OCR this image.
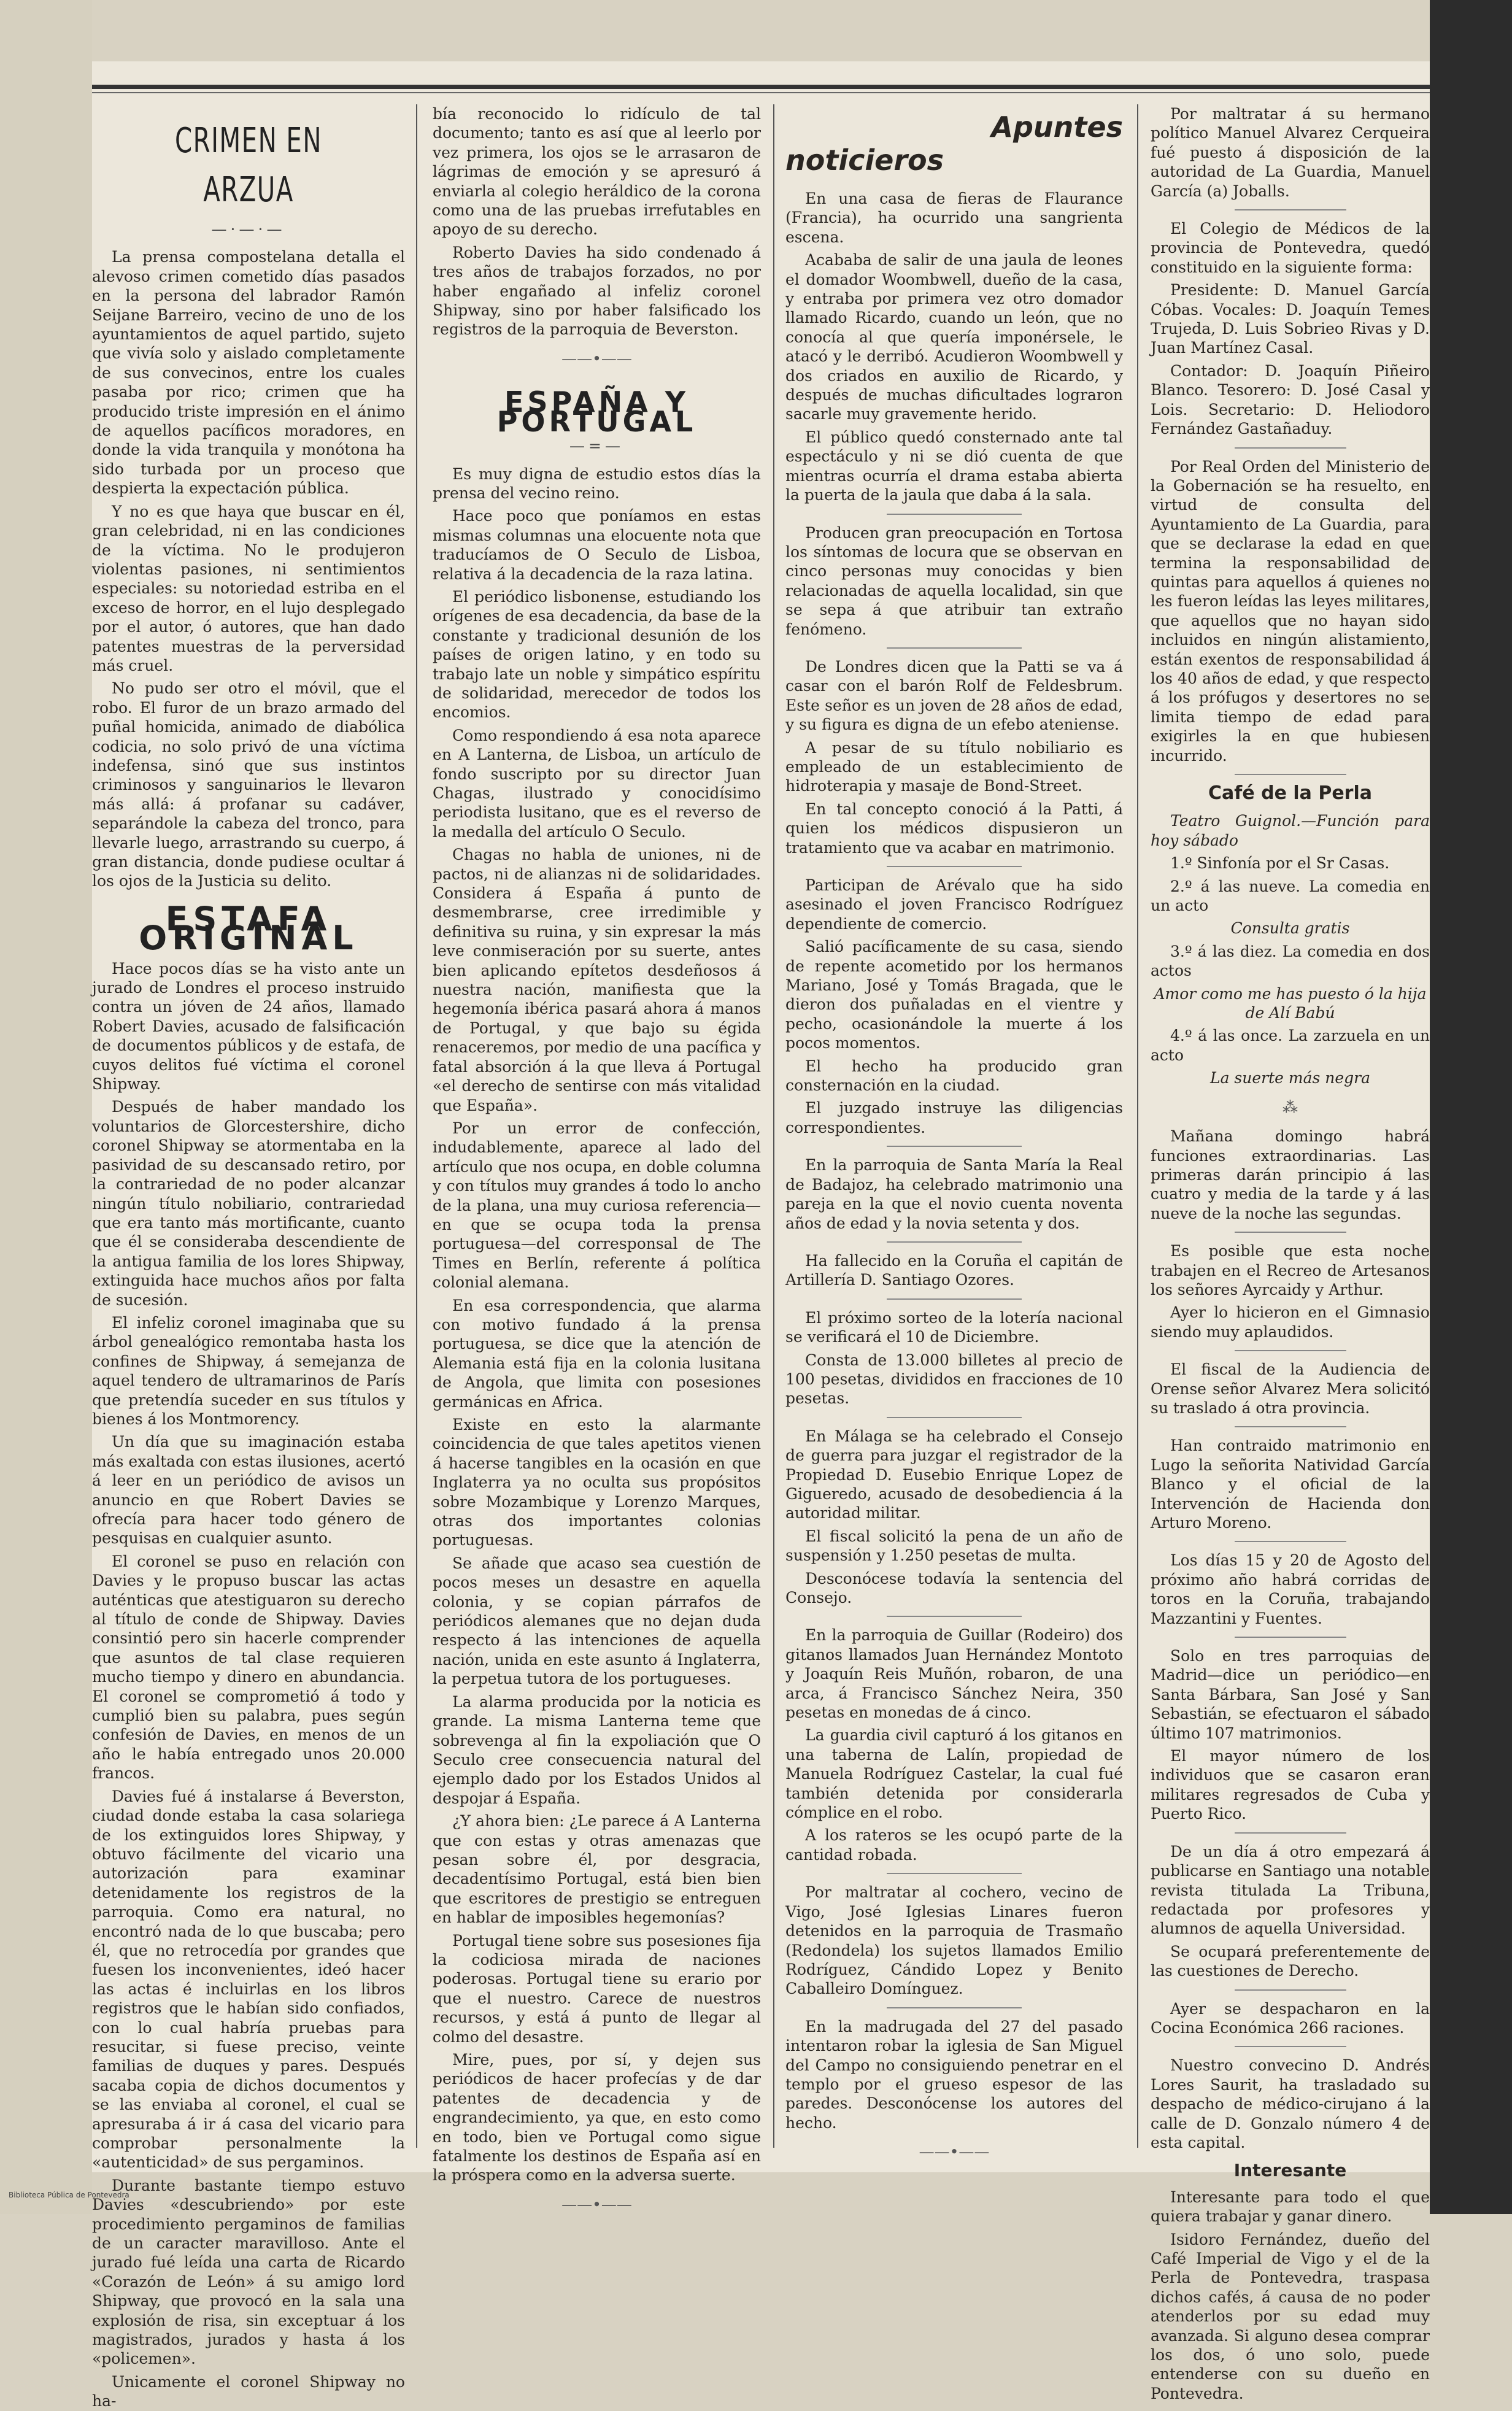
CRIMEN EN ARZUA
—·—·—

La prensa compostelana detalla el alevoso crimen cometido días pasados en la persona del labrador Ramón Seijane Barreiro, vecino de uno de los ayuntamientos de aquel partido, sujeto que vivía solo y aislado completamente de sus convecinos, entre los cuales pasaba por rico; crimen que ha producido triste impresión en el ánimo de aquellos pacíficos moradores, en donde la vida tranquila y monótona ha sido turbada por un proceso que despierta la expectación pública.

Y no es que haya que buscar en él, gran celebridad, ni en las condiciones de la víctima. No le produjeron violentas pasiones, ni sentimientos especiales: su notoriedad estriba en el exceso de horror, en el lujo desplegado por el autor, ó autores, que han dado patentes muestras de la perversidad más cruel.

No pudo ser otro el móvil, que el robo. El furor de un brazo armado del puñal homicida, animado de diabólica codicia, no solo privó de una víctima indefensa, sinó que sus instintos criminosos y sanguinarios le llevaron más allá: á profanar su cadáver, separándole la cabeza del tronco, para llevarle luego, arrastrando su cuerpo, á gran distancia, donde pudiese ocultar á los ojos de la Justicia su delito.

ESTAFA ORIGINAL

Hace pocos días se ha visto ante un jurado de Londres el proceso instruido contra un jóven de 24 años, llamado Robert Davies, acusado de falsificación de documentos públicos y de estafa, de cuyos delitos fué víctima el coronel Shipway.

Después de haber mandado los voluntarios de Glorcestershire, dicho coronel Shipway se atormentaba en la pasividad de su descansado retiro, por la contrariedad de no poder alcanzar ningún título nobiliario, contrariedad que era tanto más mortificante, cuanto que él se consideraba descendiente de la antigua familia de los lores Shipway, extinguida hace muchos años por falta de sucesión.

El infeliz coronel imaginaba que su árbol genealógico remontaba hasta los confines de Shipway, á semejanza de aquel tendero de ultramarinos de París que pretendía suceder en sus títulos y bienes á los Montmorency.

Un día que su imaginación estaba más exaltada con estas ilusiones, acertó á leer en un periódico de avisos un anuncio en que Robert Davies se ofrecía para hacer todo género de pesquisas en cualquier asunto.

El coronel se puso en relación con Davies y le propuso buscar las actas auténticas que atestiguaron su derecho al título de conde de Shipway. Davies consintió pero sin hacerle comprender que asuntos de tal clase requieren mucho tiempo y dinero en abundancia. El coronel se comprometió á todo y cumplió bien su palabra, pues según confesión de Davies, en menos de un año le había entregado unos 20.000 francos.

Davies fué á instalarse á Beverston, ciudad donde estaba la casa solariega de los extinguidos lores Shipway, y obtuvo fácilmente del vicario una autorización para examinar detenidamente los registros de la parroquia. Como era natural, no encontró nada de lo que buscaba; pero él, que no retrocedía por grandes que fuesen los inconvenientes, ideó hacer las actas é incluirlas en los libros registros que le habían sido confiados, con lo cual habría pruebas para resucitar, si fuese preciso, veinte familias de duques y pares. Después sacaba copia de dichos documentos y se las enviaba al coronel, el cual se apresuraba á ir á casa del vicario para comprobar personalmente la «autenticidad» de sus pergaminos.

Durante bastante tiempo estuvo Davies «descubriendo» por este procedimiento pergaminos de familias de un caracter maravilloso. Ante el jurado fué leída una carta de Ricardo «Corazón de León» á su amigo lord Shipway, que provocó en la sala una explosión de risa, sin exceptuar á los magistrados, jurados y hasta á los «policemen».

Unicamente el coronel Shipway no ha-

bía reconocido lo ridículo de tal documento; tanto es así que al leerlo por vez primera, los ojos se le arrasaron de lágrimas de emoción y se apresuró á enviarla al colegio heráldico de la corona como una de las pruebas irrefutables en apoyo de su derecho.

Roberto Davies ha sido condenado á tres años de trabajos forzados, no por haber engañado al infeliz coronel Shipway, sino por haber falsificado los registros de la parroquia de Beverston.

——•——
ESPAÑA Y PORTUGAL
—=—

Es muy digna de estudio estos días la prensa del vecino reino.

Hace poco que poníamos en estas mismas columnas una elocuente nota que traducíamos de O Seculo de Lisboa, relativa á la decadencia de la raza latina.

El periódico lisbonense, estudiando los orígenes de esa decadencia, da base de la constante y tradicional desunión de los países de origen latino, y en todo su trabajo late un noble y simpático espíritu de solidaridad, merecedor de todos los encomios.

Como respondiendo á esa nota aparece en A Lanterna, de Lisboa, un artículo de fondo suscripto por su director Juan Chagas, ilustrado y conocidísimo periodista lusitano, que es el reverso de la medalla del artículo O Seculo.

Chagas no habla de uniones, ni de pactos, ni de alianzas ni de solidaridades. Considera á España á punto de desmembrarse, cree irredimible y definitiva su ruina, y sin expresar la más leve conmiseración por su suerte, antes bien aplicando epítetos desdeñosos á nuestra nación, manifiesta que la hegemonía ibérica pasará ahora á manos de Portugal, y que bajo su égida renaceremos, por medio de una pacífica y fatal absorción á la que lleva á Portugal «el derecho de sentirse con más vitalidad que España».

Por un error de confección, indudablemente, aparece al lado del artículo que nos ocupa, en doble columna y con títulos muy grandes á todo lo ancho de la plana, una muy curiosa referencia—en que se ocupa toda la prensa portuguesa—del corresponsal de The Times en Berlín, referente á política colonial alemana.

En esa correspondencia, que alarma con motivo fundado á la prensa portuguesa, se dice que la atención de Alemania está fija en la colonia lusitana de Angola, que limita con posesiones germánicas en Africa.

Existe en esto la alarmante coincidencia de que tales apetitos vienen á hacerse tangibles en la ocasión en que Inglaterra ya no oculta sus propósitos sobre Mozambique y Lorenzo Marques, otras dos importantes colonias portuguesas.

Se añade que acaso sea cuestión de pocos meses un desastre en aquella colonia, y se copian párrafos de periódicos alemanes que no dejan duda respecto á las intenciones de aquella nación, unida en este asunto á Inglaterra, la perpetua tutora de los portugueses.

La alarma producida por la noticia es grande. La misma Lanterna teme que sobrevenga al fin la expoliación que O Seculo cree consecuencia natural del ejemplo dado por los Estados Unidos al despojar á España.

¿Y ahora bien: ¿Le parece á A Lanterna que con estas y otras amenazas que pesan sobre él, por desgracia, decadentísimo Portugal, está bien bien que escritores de prestigio se entreguen en hablar de imposibles hegemonías?

Portugal tiene sobre sus posesiones fija la codiciosa mirada de naciones poderosas. Portugal tiene su erario por que el nuestro. Carece de nuestros recursos, y está á punto de llegar al colmo del desastre.

Mire, pues, por sí, y dejen sus periódicos de hacer profecías y de dar patentes de decadencia y de engrandecimiento, ya que, en esto como en todo, bien ve Portugal como sigue fatalmente los destinos de España así en la próspera como en la adversa suerte.

——•——
Apuntes
noticieros

En una casa de fieras de Flaurance (Francia), ha ocurrido una sangrienta escena.

Acababa de salir de una jaula de leones el domador Woombwell, dueño de la casa, y entraba por primera vez otro domador llamado Ricardo, cuando un león, que no conocía al que quería imponérsele, le atacó y le derribó. Acudieron Woombwell y dos criados en auxilio de Ricardo, y después de muchas dificultades lograron sacarle muy gravemente herido.

El público quedó consternado ante tal espectáculo y ni se dió cuenta de que mientras ocurría el drama estaba abierta la puerta de la jaula que daba á la sala.

Producen gran preocupación en Tortosa los síntomas de locura que se observan en cinco personas muy conocidas y bien relacionadas de aquella localidad, sin que se sepa á que atribuir tan extraño fenómeno.

De Londres dicen que la Patti se va á casar con el barón Rolf de Feldesbrum. Este señor es un joven de 28 años de edad, y su figura es digna de un efebo ateniense.

A pesar de su título nobiliario es empleado de un establecimiento de hidroterapia y masaje de Bond-Street.

En tal concepto conoció á la Patti, á quien los médicos dispusieron un tratamiento que va acabar en matrimonio.

Participan de Arévalo que ha sido asesinado el joven Francisco Rodríguez dependiente de comercio.

Salió pacíficamente de su casa, siendo de repente acometido por los hermanos Mariano, José y Tomás Bragada, que le dieron dos puñaladas en el vientre y pecho, ocasionándole la muerte á los pocos momentos.

El hecho ha producido gran consternación en la ciudad.

El juzgado instruye las diligencias correspondientes.

En la parroquia de Santa María la Real de Badajoz, ha celebrado matrimonio una pareja en la que el novio cuenta noventa años de edad y la novia setenta y dos.

Ha fallecido en la Coruña el capitán de Artillería D. Santiago Ozores.

El próximo sorteo de la lotería nacional se verificará el 10 de Diciembre.

Consta de 13.000 billetes al precio de 100 pesetas, divididos en fracciones de 10 pesetas.

En Málaga se ha celebrado el Consejo de guerra para juzgar el registrador de la Propiedad D. Eusebio Enrique Lopez de Gigueredo, acusado de desobediencia á la autoridad militar.

El fiscal solicitó la pena de un año de suspensión y 1.250 pesetas de multa.

Desconócese todavía la sentencia del Consejo.

En la parroquia de Guillar (Rodeiro) dos gitanos llamados Juan Hernández Montoto y Joaquín Reis Muñón, robaron, de una arca, á Francisco Sánchez Neira, 350 pesetas en monedas de á cinco.

La guardia civil capturó á los gitanos en una taberna de Lalín, propiedad de Manuela Rodríguez Castelar, la cual fué también detenida por considerarla cómplice en el robo.

A los rateros se les ocupó parte de la cantidad robada.

Por maltratar al cochero, vecino de Vigo, José Iglesias Linares fueron detenidos en la parroquia de Trasmaño (Redondela) los sujetos llamados Emilio Rodríguez, Cándido Lopez y Benito Caballeiro Domínguez.

En la madrugada del 27 del pasado intentaron robar la iglesia de San Miguel del Campo no consiguiendo penetrar en el templo por el grueso espesor de las paredes. Desconócense los autores del hecho.

——•——

Por maltratar á su hermano político Manuel Alvarez Cerqueira fué puesto á disposición de la autoridad de La Guardia, Manuel García (a) Joballs.

El Colegio de Médicos de la provincia de Pontevedra, quedó constituido en la siguiente forma:

Presidente: D. Manuel García Cóbas. Vocales: D. Joaquín Temes Trujeda, D. Luis Sobrieo Rivas y D. Juan Martínez Casal.

Contador: D. Joaquín Piñeiro Blanco. Tesorero: D. José Casal y Lois. Secretario: D. Heliodoro Fernández Gastañaduy.

Por Real Orden del Ministerio de la Gobernación se ha resuelto, en virtud de consulta del Ayuntamiento de La Guardia, para que se declarase la edad en que termina la responsabilidad de quintas para aquellos á quienes no les fueron leídas las leyes militares, que aquellos que no hayan sido incluidos en ningún alistamiento, están exentos de responsabilidad á los 40 años de edad, y que respecto á los prófugos y desertores no se limita tiempo de edad para exigirles la en que hubiesen incurrido.

Café de la Perla

Teatro Guignol.—Función para hoy sábado

1.º Sinfonía por el Sr Casas.

2.º á las nueve. La comedia en un acto

Consulta gratis

3.º á las diez. La comedia en dos actos

Amor como me has puesto ó la hija de Alí Babú

4.º á las once. La zarzuela en un acto

La suerte más negra

⁂

Mañana domingo habrá funciones extraordinarias. Las primeras darán principio á las cuatro y media de la tarde y á las nueve de la noche las segundas.

Es posible que esta noche trabajen en el Recreo de Artesanos los señores Ayrcaidy y Arthur.

Ayer lo hicieron en el Gimnasio siendo muy aplaudidos.

El fiscal de la Audiencia de Orense señor Alvarez Mera solicitó su traslado á otra provincia.

Han contraido matrimonio en Lugo la señorita Natividad García Blanco y el oficial de la Intervención de Hacienda don Arturo Moreno.

Los días 15 y 20 de Agosto del próximo año habrá corridas de toros en la Coruña, trabajando Mazzantini y Fuentes.

Solo en tres parroquias de Madrid—dice un periódico—en Santa Bárbara, San José y San Sebastián, se efectuaron el sábado último 107 matrimonios.

El mayor número de los individuos que se casaron eran militares regresados de Cuba y Puerto Rico.

De un día á otro empezará á publicarse en Santiago una notable revista titulada La Tribuna, redactada por profesores y alumnos de aquella Universidad.

Se ocupará preferentemente de las cuestiones de Derecho.

Ayer se despacharon en la Cocina Económica 266 raciones.

Nuestro convecino D. Andrés Lores Saurit, ha trasladado su despacho de médico-cirujano á la calle de D. Gonzalo número 4 de esta capital.

Interesante

Interesante para todo el que quiera trabajar y ganar dinero.

Isidoro Fernández, dueño del Café Imperial de Vigo y el de la Perla de Pontevedra, traspasa dichos cafés, á causa de no poder atenderlos por su edad muy avanzada. Si alguno desea comprar los dos, ó uno solo, puede entenderse con su dueño en Pontevedra.

Biblioteca Pública de Pontevedra
